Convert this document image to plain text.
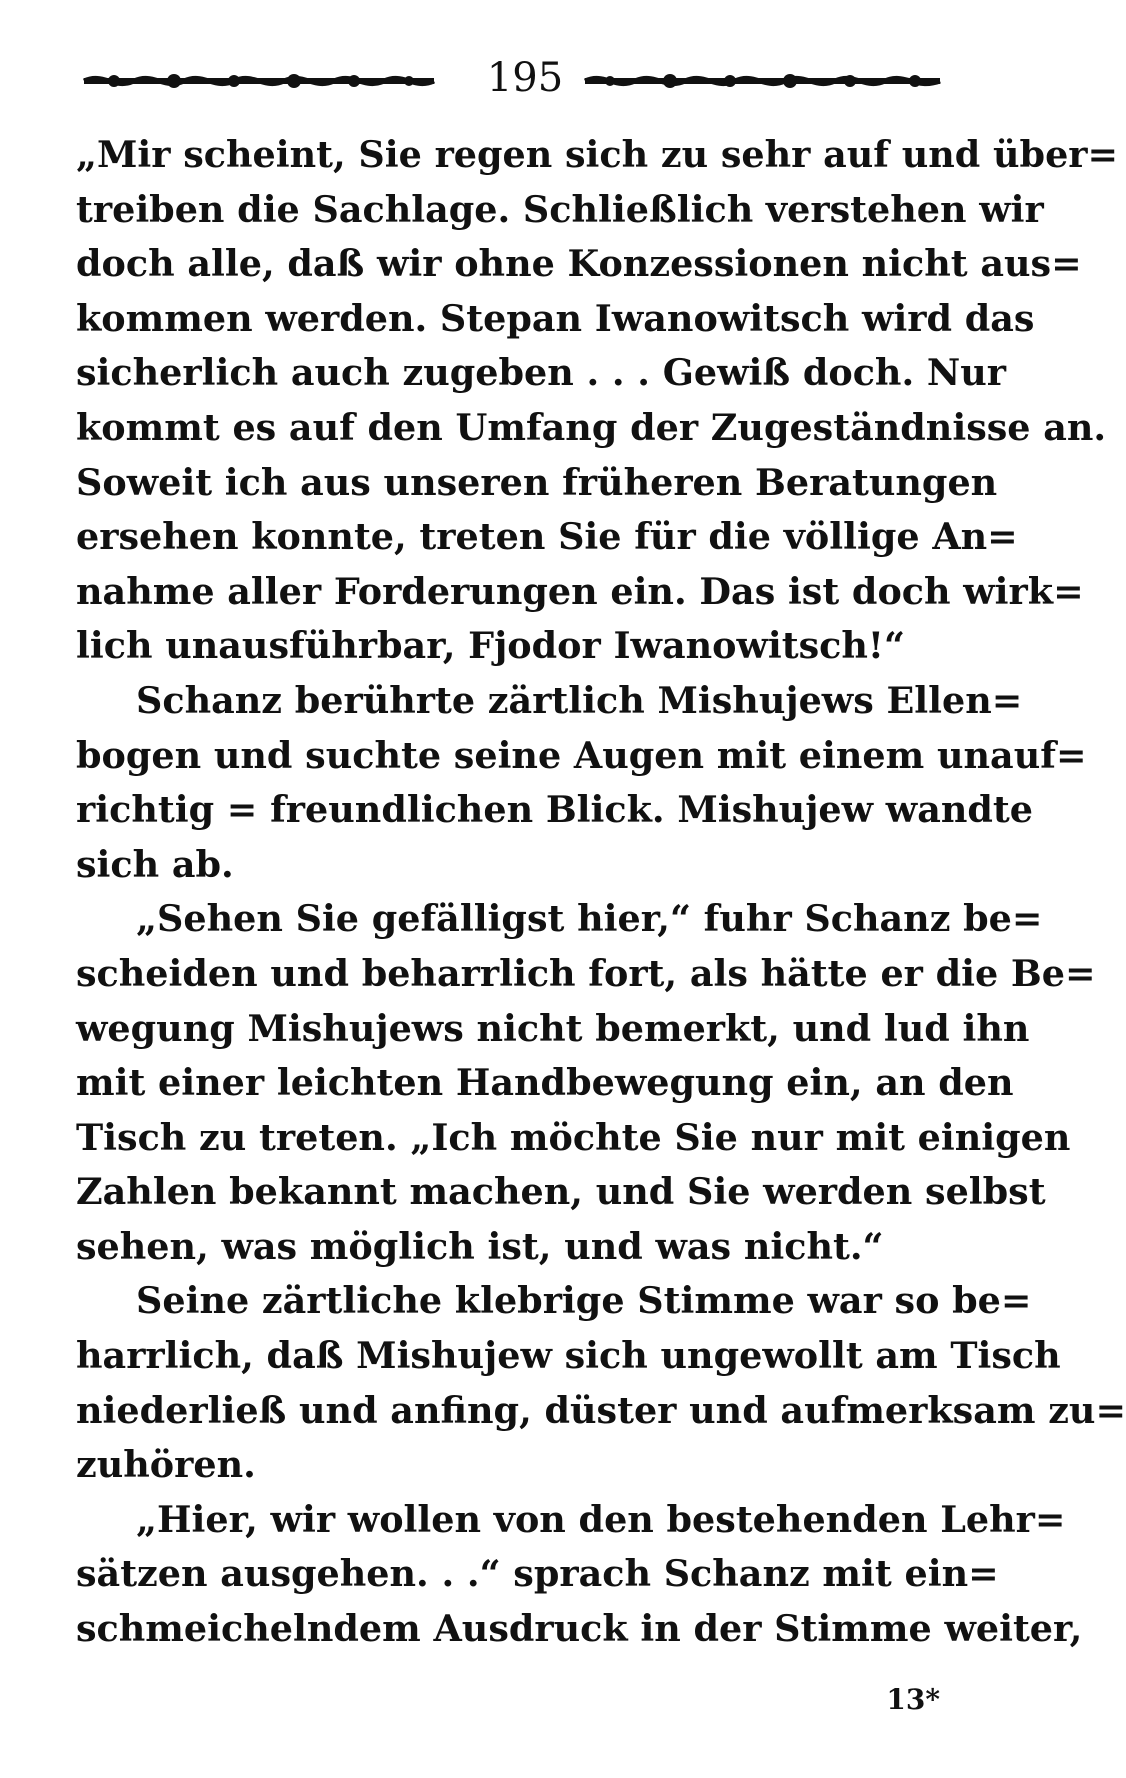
195
„Mir scheint, Sie regen sich zu sehr auf und über=
treiben die Sachlage. Schließlich verstehen wir
doch alle, daß wir ohne Konzessionen nicht aus=
kommen werden. Stepan Iwanowitsch wird das
sicherlich auch zugeben . . . Gewiß doch. Nur
kommt es auf den Umfang der Zugeständnisse an.
Soweit ich aus unseren früheren Beratungen
ersehen konnte, treten Sie für die völlige An=
nahme aller Forderungen ein. Das ist doch wirk=
lich unausführbar, Fjodor Iwanowitsch!“
Schanz berührte zärtlich Mishujews Ellen=
bogen und suchte seine Augen mit einem unauf=
richtig = freundlichen Blick. Mishujew wandte
sich ab.
„Sehen Sie gefälligst hier,“ fuhr Schanz be=
scheiden und beharrlich fort, als hätte er die Be=
wegung Mishujews nicht bemerkt, und lud ihn
mit einer leichten Handbewegung ein, an den
Tisch zu treten. „Ich möchte Sie nur mit einigen
Zahlen bekannt machen, und Sie werden selbst
sehen, was möglich ist, und was nicht.“
Seine zärtliche klebrige Stimme war so be=
harrlich, daß Mishujew sich ungewollt am Tisch
niederließ und anfing, düster und aufmerksam zu=
zuhören.
„Hier, wir wollen von den bestehenden Lehr=
sätzen ausgehen. . .“ sprach Schanz mit ein=
schmeichelndem Ausdruck in der Stimme weiter,
13*
